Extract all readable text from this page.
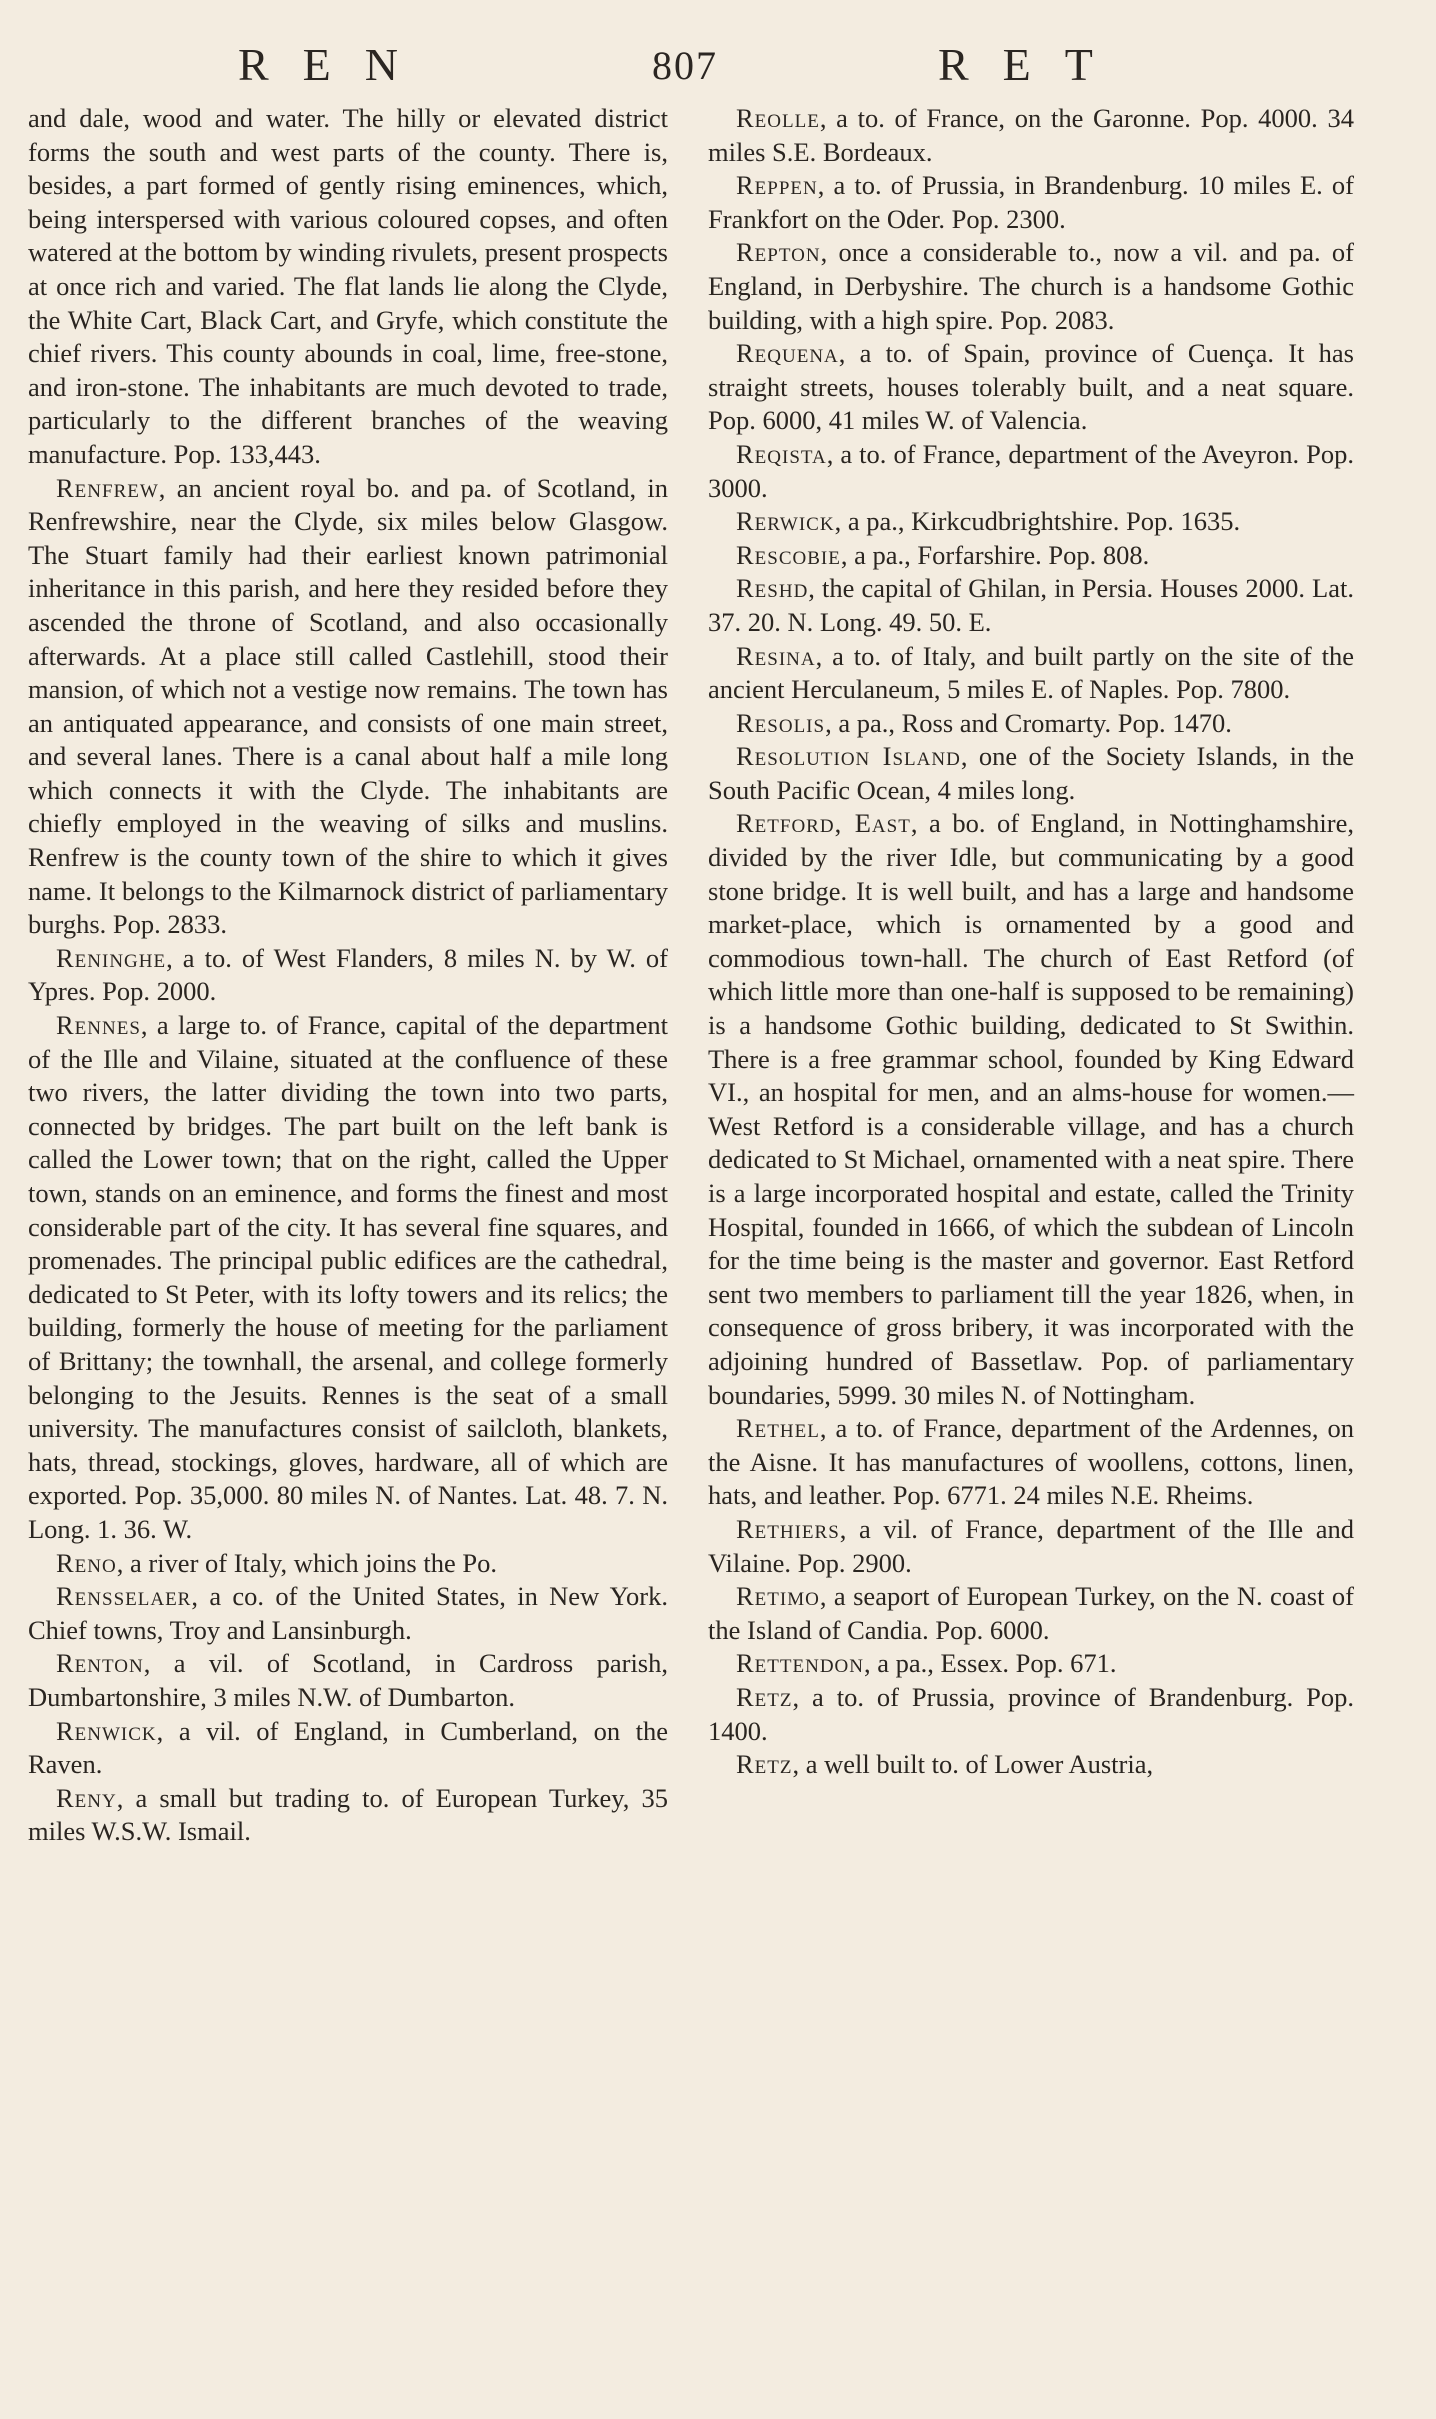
REN	807	RET

and dale, wood and water. The hilly or elevated district forms the south and west parts of the county. There is, besides, a part formed of gently rising eminences, which, being interspersed with various coloured copses, and often watered at the bottom by winding rivulets, present prospects at once rich and varied. The flat lands lie along the Clyde, the White Cart, Black Cart, and Gryfe, which constitute the chief rivers. This county abounds in coal, lime, free-stone, and iron-stone. The inhabitants are much devoted to trade, particularly to the different branches of the weaving manufacture. Pop. 133,443.

Renfrew, an ancient royal bo. and pa. of Scotland, in Renfrewshire, near the Clyde, six miles below Glasgow. The Stuart family had their earliest known patrimonial inheritance in this parish, and here they resided before they ascended the throne of Scotland, and also occasionally afterwards. At a place still called Castlehill, stood their mansion, of which not a vestige now remains. The town has an antiquated appearance, and consists of one main street, and several lanes. There is a canal about half a mile long which connects it with the Clyde. The inhabitants are chiefly employed in the weaving of silks and muslins. Renfrew is the county town of the shire to which it gives name. It belongs to the Kilmarnock district of parliamentary burghs. Pop. 2833.

Reninghe, a to. of West Flanders, 8 miles N. by W. of Ypres. Pop. 2000.

Rennes, a large to. of France, capital of the department of the Ille and Vilaine, situated at the confluence of these two rivers, the latter dividing the town into two parts, connected by bridges. The part built on the left bank is called the Lower town; that on the right, called the Upper town, stands on an eminence, and forms the finest and most considerable part of the city. It has several fine squares, and promenades. The principal public edifices are the cathedral, dedicated to St Peter, with its lofty towers and its relics; the building, formerly the house of meeting for the parliament of Brittany; the townhall, the arsenal, and college formerly belonging to the Jesuits. Rennes is the seat of a small university. The manufactures consist of sailcloth, blankets, hats, thread, stockings, gloves, hardware, all of which are exported. Pop. 35,000. 80 miles N. of Nantes. Lat. 48. 7. N. Long. 1. 36. W.

Reno, a river of Italy, which joins the Po.

Rensselaer, a co. of the United States, in New York. Chief towns, Troy and Lansinburgh.

Renton, a vil. of Scotland, in Cardross parish, Dumbartonshire, 3 miles N.W. of Dumbarton.

Renwick, a vil. of England, in Cumberland, on the Raven.

Reny, a small but trading to. of European Turkey, 35 miles W.S.W. Ismail.

Reolle, a to. of France, on the Garonne. Pop. 4000. 34 miles S.E. Bordeaux.

Reppen, a to. of Prussia, in Brandenburg. 10 miles E. of Frankfort on the Oder. Pop. 2300.

Repton, once a considerable to., now a vil. and pa. of England, in Derbyshire. The church is a handsome Gothic building, with a high spire. Pop. 2083.

Requena, a to. of Spain, province of Cuença. It has straight streets, houses tolerably built, and a neat square. Pop. 6000, 41 miles W. of Valencia.

Reqista, a to. of France, department of the Aveyron. Pop. 3000.

Rerwick, a pa., Kirkcudbrightshire. Pop. 1635.

Rescobie, a pa., Forfarshire. Pop. 808.

Reshd, the capital of Ghilan, in Persia. Houses 2000. Lat. 37. 20. N. Long. 49. 50. E.

Resina, a to. of Italy, and built partly on the site of the ancient Herculaneum, 5 miles E. of Naples. Pop. 7800.

Resolis, a pa., Ross and Cromarty. Pop. 1470.

Resolution Island, one of the Society Islands, in the South Pacific Ocean, 4 miles long.

Retford, East, a bo. of England, in Nottinghamshire, divided by the river Idle, but communicating by a good stone bridge. It is well built, and has a large and handsome market-place, which is ornamented by a good and commodious town-hall. The church of East Retford (of which little more than one-half is supposed to be remaining) is a handsome Gothic building, dedicated to St Swithin. There is a free grammar school, founded by King Edward VI., an hospital for men, and an alms-house for women.—West Retford is a considerable village, and has a church dedicated to St Michael, ornamented with a neat spire. There is a large incorporated hospital and estate, called the Trinity Hospital, founded in 1666, of which the subdean of Lincoln for the time being is the master and governor. East Retford sent two members to parliament till the year 1826, when, in consequence of gross bribery, it was incorporated with the adjoining hundred of Bassetlaw. Pop. of parliamentary boundaries, 5999. 30 miles N. of Nottingham.

Rethel, a to. of France, department of the Ardennes, on the Aisne. It has manufactures of woollens, cottons, linen, hats, and leather. Pop. 6771. 24 miles N.E. Rheims.

Rethiers, a vil. of France, department of the Ille and Vilaine. Pop. 2900.

Retimo, a seaport of European Turkey, on the N. coast of the Island of Candia. Pop. 6000.

Rettendon, a pa., Essex. Pop. 671.

Retz, a to. of Prussia, province of Brandenburg. Pop. 1400.

Retz, a well built to. of Lower Austria,
